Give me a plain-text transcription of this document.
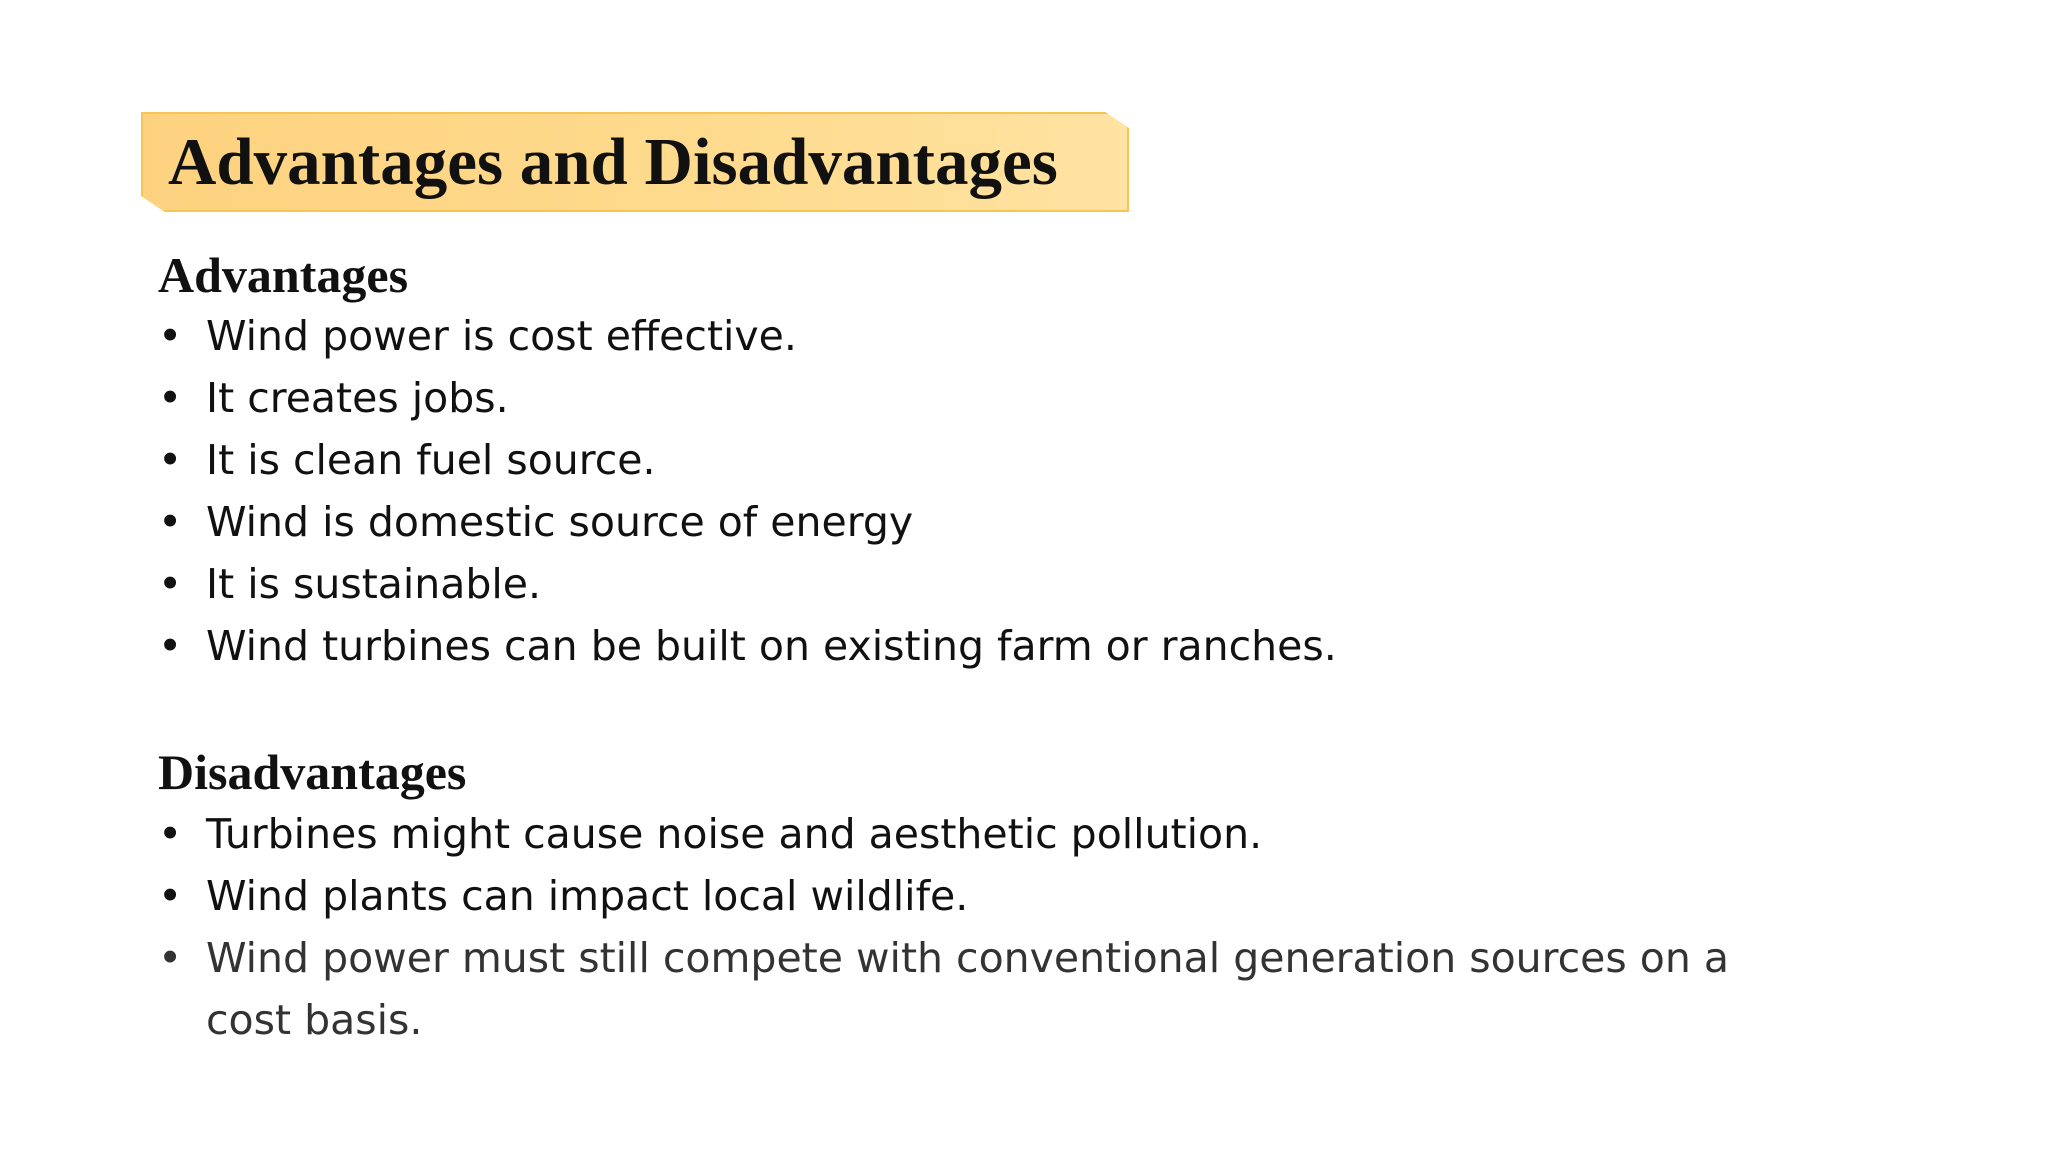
Advantages and Disadvantages
Advantages
• Wind power is cost effective.
• It creates jobs.
• It is clean fuel source.
• Wind is domestic source of energy
• It is sustainable.
• Wind turbines can be built on existing farm or ranches.
Disadvantages
• Turbines might cause noise and aesthetic pollution.
• Wind plants can impact local wildlife.
• Wind power must still compete with conventional generation sources on a cost basis.
